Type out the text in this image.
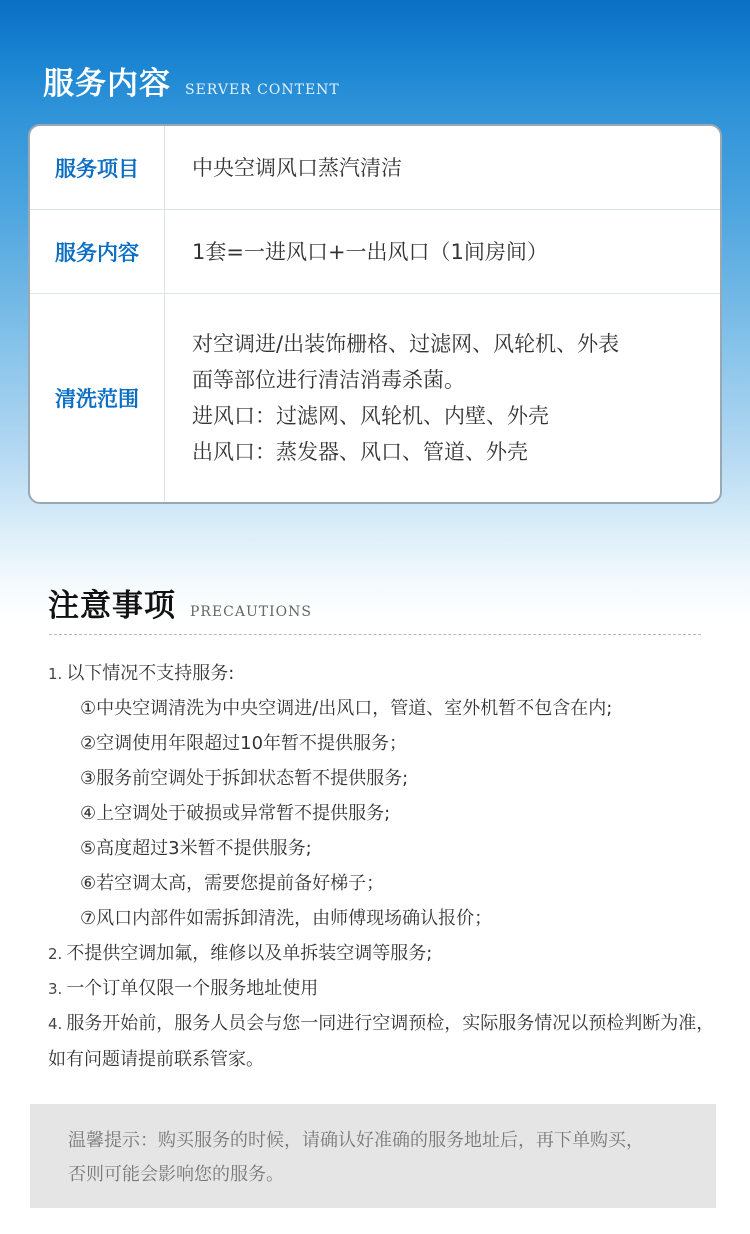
服务内容 SERVER CONTENT
服务项目	中央空调风口蒸汽清洁
服务内容	1套=一进风口+一出风口（1间房间）
清洗范围
对空调进/出装饰栅格、过滤网、风轮机、外表
面等部位进行清洁消毒杀菌。
进风口：过滤网、风轮机、内壁、外壳
出风口：蒸发器、风口、管道、外壳
注意事项 PRECAUTIONS
1. 以下情况不支持服务:
①中央空调清洗为中央空调进/出风口，管道、室外机暂不包含在内;
②空调使用年限超过10年暂不提供服务；
③服务前空调处于拆卸状态暂不提供服务;
④上空调处于破损或异常暂不提供服务;
⑤高度超过3米暂不提供服务;
⑥若空调太高，需要您提前备好梯子；
⑦风口内部件如需拆卸清洗，由师傅现场确认报价；
2. 不提供空调加氟，维修以及单拆装空调等服务;
3. 一个订单仅限一个服务地址使用
4. 服务开始前，服务人员会与您一同进行空调预检，实际服务情况以预检判断为准，如有问题请提前联系管家。
温馨提示：购买服务的时候，请确认好准确的服务地址后，再下单购买，
否则可能会影响您的服务。
